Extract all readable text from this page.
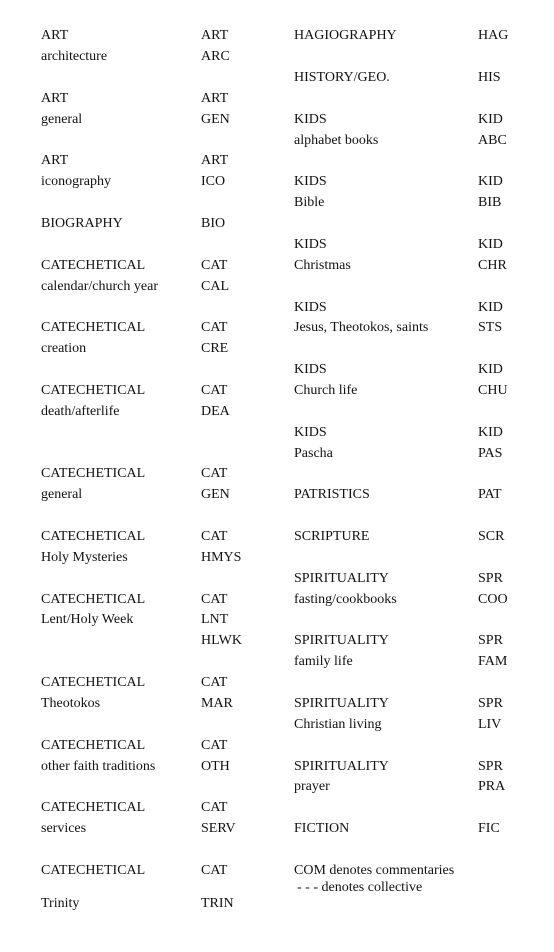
ART	ART
architecture	ARC
ART	ART
general	GEN
ART	ART
iconography	ICO
BIOGRAPHY	BIO
CATECHETICAL	CAT
calendar/church year	CAL
CATECHETICAL	CAT
creation	CRE
CATECHETICAL	CAT
death/afterlife	DEA
CATECHETICAL	CAT
general	GEN
CATECHETICAL	CAT
Holy Mysteries	HMYS
CATECHETICAL	CAT
Lent/Holy Week	LNT
HLWK
CATECHETICAL	CAT
Theotokos	MAR
CATECHETICAL	CAT
other faith traditions	OTH
CATECHETICAL	CAT
services	SERV
CATECHETICAL	CAT
Trinity	TRIN
HAGIOGRAPHY	HAG
HISTORY/GEO.	HIS
KIDS	KID
alphabet books	ABC
KIDS	KID
Bible	BIB
KIDS	KID
Christmas	CHR
KIDS	KID
Jesus, Theotokos, saints	STS
KIDS	KID
Church life	CHU
KIDS	KID
Pascha	PAS
PATRISTICS	PAT
SCRIPTURE	SCR
SPIRITUALITY	SPR
fasting/cookbooks	COO
SPIRITUALITY	SPR
family life	FAM
SPIRITUALITY	SPR
Christian living	LIV
SPIRITUALITY	SPR
prayer	PRA
FICTION	FIC
COM denotes commentaries
- - - denotes collective
